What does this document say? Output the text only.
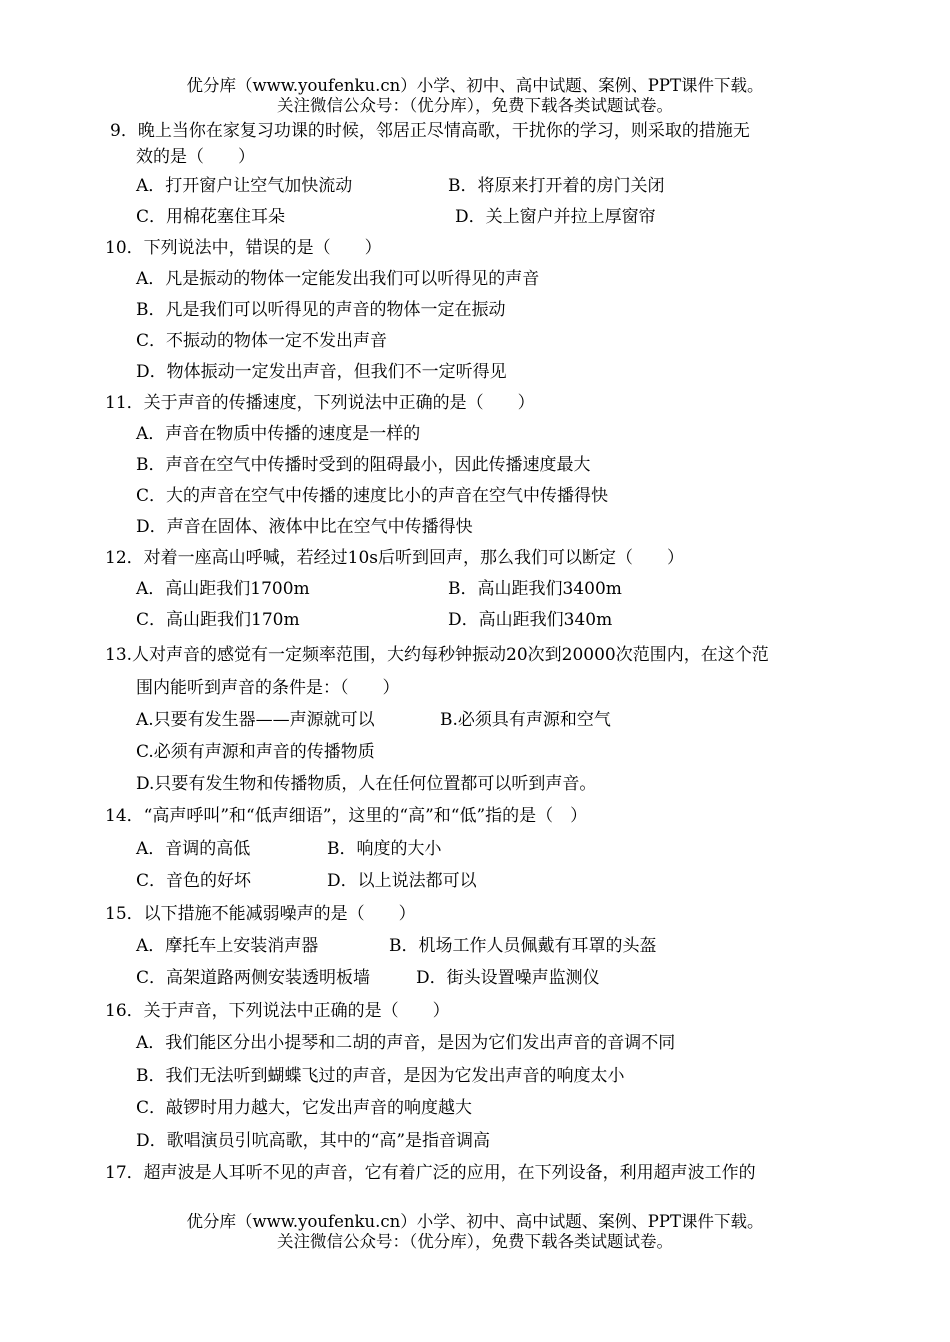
优分库（www.youfenku.cn）小学、初中、高中试题、案例、PPT课件下载。
关注微信公众号：（优分库），免费下载各类试题试卷。
9．晚上当你在家复习功课的时候，邻居正尽情高歌，干扰你的学习，则采取的措施无
效的是（　　）
A．打开窗户让空气加快流动	B．将原来打开着的房门关闭
C．用棉花塞住耳朵	D．关上窗户并拉上厚窗帘
10．下列说法中，错误的是（　　）
A．凡是振动的物体一定能发出我们可以听得见的声音
B．凡是我们可以听得见的声音的物体一定在振动
C．不振动的物体一定不发出声音
D．物体振动一定发出声音，但我们不一定听得见
11．关于声音的传播速度，下列说法中正确的是（　　）
A．声音在物质中传播的速度是一样的
B．声音在空气中传播时受到的阻碍最小，因此传播速度最大
C．大的声音在空气中传播的速度比小的声音在空气中传播得快
D．声音在固体、液体中比在空气中传播得快
12．对着一座高山呼喊，若经过10s后听到回声，那么我们可以断定（　　）
A．高山距我们1700m	B．高山距我们3400m
C．高山距我们170m	D．高山距我们340m
13.人对声音的感觉有一定频率范围，大约每秒钟振动20次到20000次范围内，在这个范
围内能听到声音的条件是：（　　）
A.只要有发生器——声源就可以	B.必须具有声源和空气
C.必须有声源和声音的传播物质
D.只要有发生物和传播物质，人在任何位置都可以听到声音。
14．“高声呼叫”和“低声细语”，这里的“高”和“低”指的是（　）
A．音调的高低	B．响度的大小
C．音色的好坏	D．以上说法都可以
15．以下措施不能减弱噪声的是（　　）
A．摩托车上安装消声器	B．机场工作人员佩戴有耳罩的头盔
C．高架道路两侧安装透明板墙	D．街头设置噪声监测仪
16．关于声音，下列说法中正确的是（　　）
A．我们能区分出小提琴和二胡的声音，是因为它们发出声音的音调不同
B．我们无法听到蝴蝶飞过的声音，是因为它发出声音的响度太小
C．敲锣时用力越大，它发出声音的响度越大
D．歌唱演员引吭高歌，其中的“高”是指音调高
17．超声波是人耳听不见的声音，它有着广泛的应用，在下列设备，利用超声波工作的
优分库（www.youfenku.cn）小学、初中、高中试题、案例、PPT课件下载。
关注微信公众号：（优分库），免费下载各类试题试卷。
